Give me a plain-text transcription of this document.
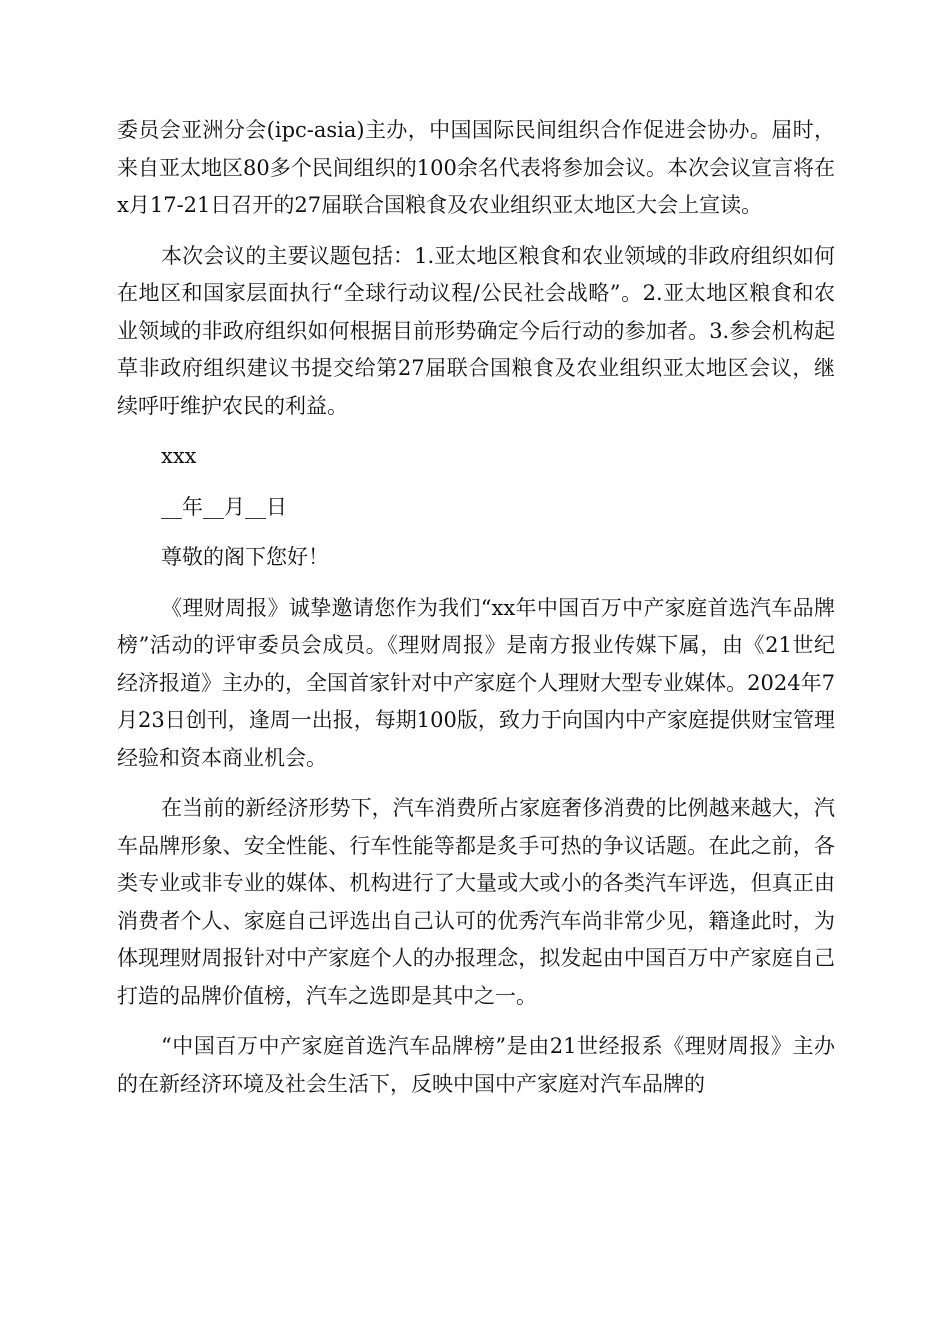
委员会亚洲分会(ipc-asia)主办，中国国际民间组织合作促进会协办。届时，来自亚太地区80多个民间组织的100余名代表将参加会议。本次会议宣言将在x月17-21日召开的27届联合国粮食及农业组织亚太地区大会上宣读。

本次会议的主要议题包括：1.亚太地区粮食和农业领域的非政府组织如何在地区和国家层面执行“全球行动议程/公民社会战略”。2.亚太地区粮食和农业领域的非政府组织如何根据目前形势确定今后行动的参加者。3.参会机构起草非政府组织建议书提交给第27届联合国粮食及农业组织亚太地区会议，继续呼吁维护农民的利益。

xxx

__年__月__日

尊敬的阁下您好！

《理财周报》诚挚邀请您作为我们“xx年中国百万中产家庭首选汽车品牌榜”活动的评审委员会成员。《理财周报》是南方报业传媒下属，由《21世纪经济报道》主办的，全国首家针对中产家庭个人理财大型专业媒体。2024年7月23日创刊，逢周一出报，每期100版，致力于向国内中产家庭提供财宝管理经验和资本商业机会。

在当前的新经济形势下，汽车消费所占家庭奢侈消费的比例越来越大，汽车品牌形象、安全性能、行车性能等都是炙手可热的争议话题。在此之前，各类专业或非专业的媒体、机构进行了大量或大或小的各类汽车评选，但真正由消费者个人、家庭自己评选出自己认可的优秀汽车尚非常少见，籍逢此时，为体现理财周报针对中产家庭个人的办报理念，拟发起由中国百万中产家庭自己打造的品牌价值榜，汽车之选即是其中之一。

“中国百万中产家庭首选汽车品牌榜”是由21世经报系《理财周报》主办的在新经济环境及社会生活下，反映中国中产家庭对汽车品牌的
